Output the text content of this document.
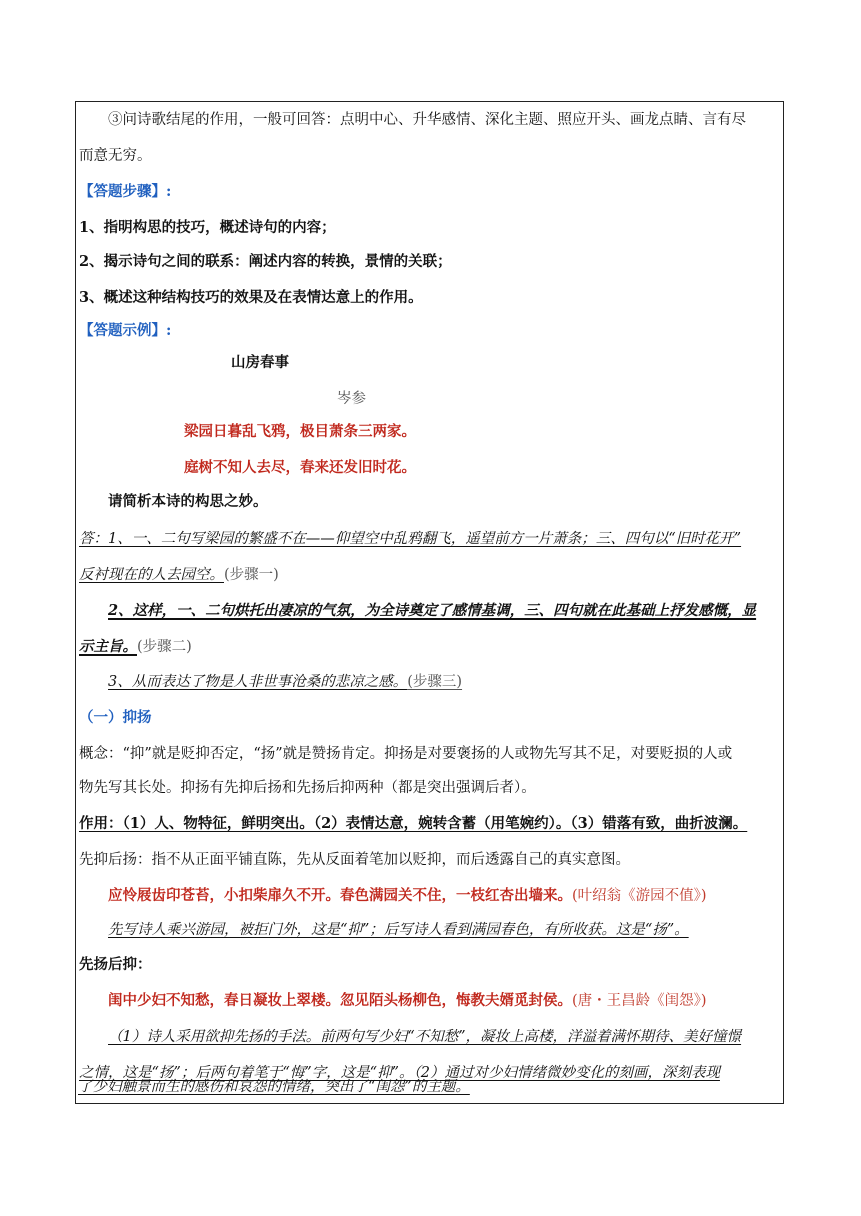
③问诗歌结尾的作用，一般可回答：点明中心、升华感情、深化主题、照应开头、画龙点睛、言有尽
而意无穷。
【答题步骤】:
1、指明构思的技巧，概述诗句的内容；
2、揭示诗句之间的联系：阐述内容的转换，景情的关联；
3、概述这种结构技巧的效果及在表情达意上的作用。
【答题示例】:
山房春事
岑参
梁园日暮乱飞鸦，极目萧条三两家。
庭树不知人去尽，春来还发旧时花。
请简析本诗的构思之妙。
答：1、一、二句写梁园的繁盛不在——仰望空中乱鸦翻飞，遥望前方一片萧条；三、四句以“旧时花开”
反衬现在的人去园空。(步骤一)
2、这样，一、二句烘托出凄凉的气氛，为全诗奠定了感情基调，三、四句就在此基础上抒发感慨，显
示主旨。(步骤二)
3、从而表达了物是人非世事沧桑的悲凉之感。(步骤三)
（一）抑扬
概念：“抑”就是贬抑否定，“扬”就是赞扬肯定。抑扬是对要褒扬的人或物先写其不足，对要贬损的人或
物先写其长处。抑扬有先抑后扬和先扬后抑两种（都是突出强调后者）。
作用：（1）人、物特征，鲜明突出。（2）表情达意，婉转含蓄（用笔婉约）。（3）错落有致，曲折波澜。
先抑后扬：指不从正面平铺直陈，先从反面着笔加以贬抑，而后透露自己的真实意图。
应怜屐齿印苍苔，小扣柴扉久不开。春色满园关不住，一枝红杏出墙来。(叶绍翁《游园不值》)
先写诗人乘兴游园，被拒门外，这是“抑”；后写诗人看到满园春色，有所收获。这是“扬”。
先扬后抑：
闺中少妇不知愁，春日凝妆上翠楼。忽见陌头杨柳色，悔教夫婿觅封侯。(唐・王昌龄《闺怨》)
（1）诗人采用欲抑先扬的手法。前两句写少妇“不知愁”，凝妆上高楼，洋溢着满怀期待、美好憧憬
之情，这是“扬”；后两句着笔于“悔”字，这是“抑”。（2）通过对少妇情绪微妙变化的刻画，深刻表现
了少妇触景而生的感伤和哀怨的情绪，突出了“闺怨”的主题。
